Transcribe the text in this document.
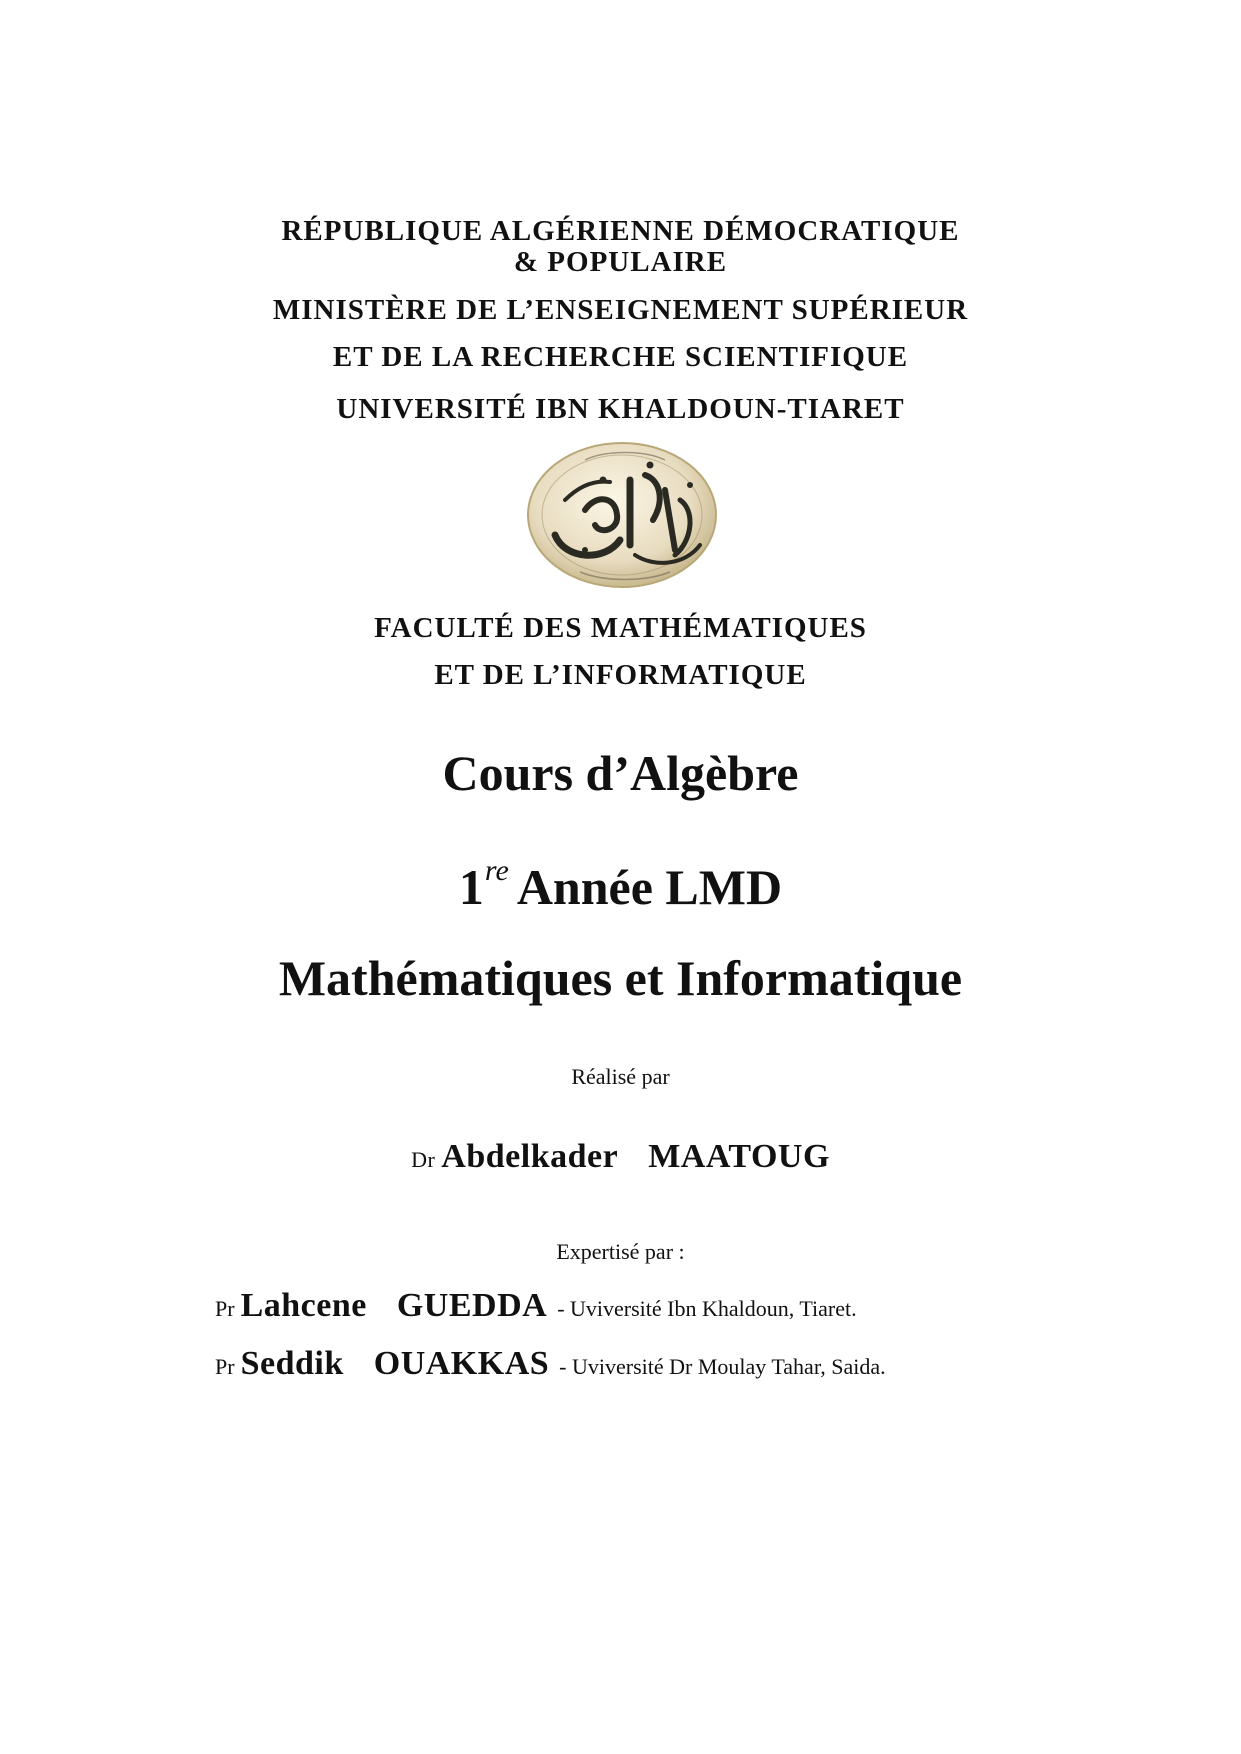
RÉPUBLIQUE ALGÉRIENNE DÉMOCRATIQUE
& POPULAIRE
MINISTÈRE DE L’ENSEIGNEMENT SUPÉRIEUR
ET DE LA RECHERCHE SCIENTIFIQUE
UNIVERSITÉ IBN KHALDOUN-TIARET
FACULTÉ DES MATHÉMATIQUES
ET DE L’INFORMATIQUE
Cours d’Algèbre
1re Année LMD
Mathématiques et Informatique
Réalisé par
Dr Abdelkader MAATOUG
Expertisé par :
Pr Lahcene GUEDDA - Uviversité Ibn Khaldoun, Tiaret.
Pr Seddik OUAKKAS - Uviversité Dr Moulay Tahar, Saida.
